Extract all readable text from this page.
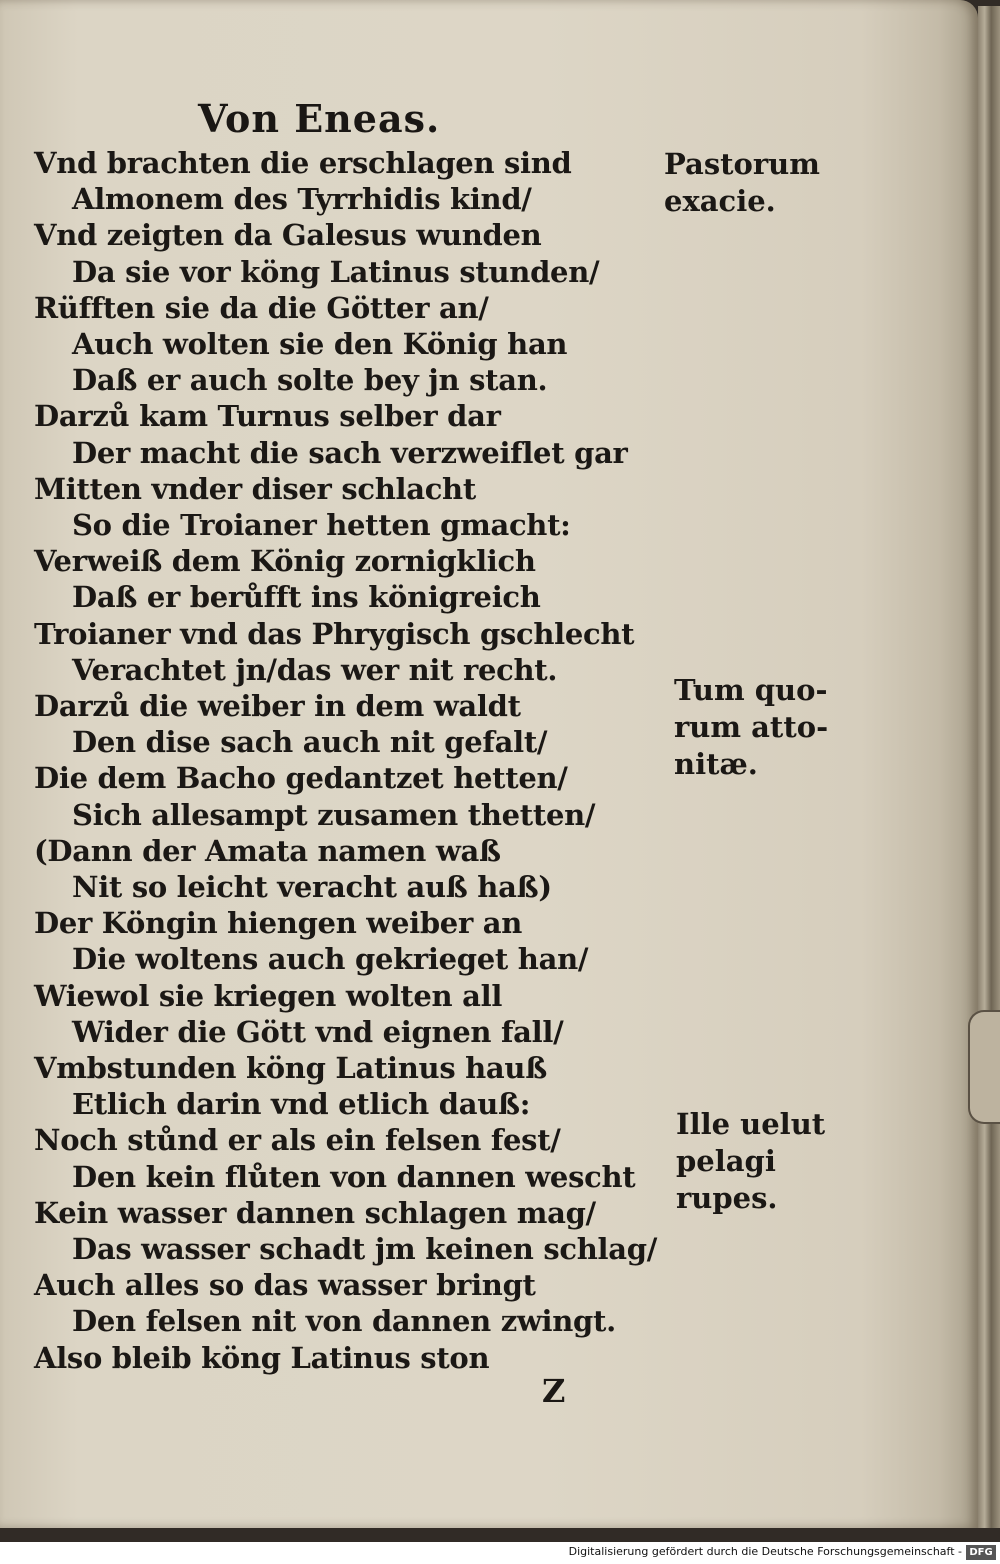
Von Eneas.
Vnd brachten die erschlagen sind
Almonem des Tyrrhidis kind/
Vnd zeigten da Galesus wunden
Da sie vor köng Latinus stunden/
Rüfften sie da die Götter an/
Auch wolten sie den König han
Daß er auch solte bey jn stan.
Darzů kam Turnus selber dar
Der macht die sach verzweiflet gar
Mitten vnder diser schlacht
So die Troianer hetten gmacht:
Verweiß dem König zornigklich
Daß er berůfft ins königreich
Troianer vnd das Phrygisch gschlecht
Verachtet jn/das wer nit recht.
Darzů die weiber in dem waldt
Den dise sach auch nit gefalt/
Die dem Bacho gedantzet hetten/
Sich allesampt zusamen thetten/
(Dann der Amata namen waß
Nit so leicht veracht auß haß)
Der Köngin hiengen weiber an
Die woltens auch gekrieget han/
Wiewol sie kriegen wolten all
Wider die Gött vnd eignen fall/
Vmbstunden köng Latinus hauß
Etlich darin vnd etlich dauß:
Noch stůnd er als ein felsen fest/
Den kein flůten von dannen wescht
Kein wasser dannen schlagen mag/
Das wasser schadt jm keinen schlag/
Auch alles so das wasser bringt
Den felsen nit von dannen zwingt.
Also bleib köng Latinus ston
Pastorum
exacie.
Tum quo-
rum atto-
nitæ.
Ille uelut
pelagi
rupes.
Z
Digitalisierung gefördert durch die Deutsche Forschungsgemeinschaft - DFG
